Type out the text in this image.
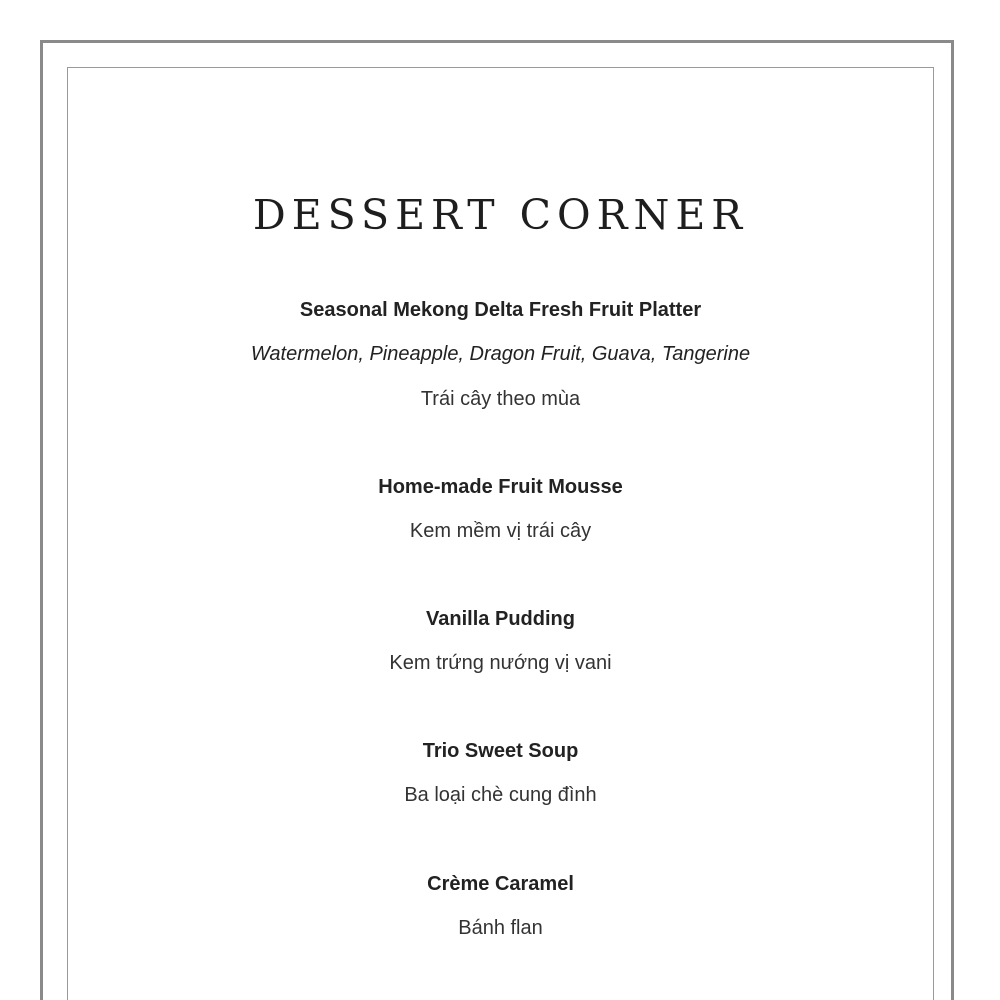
DESSERT CORNER

Seasonal Mekong Delta Fresh Fruit Platter

Watermelon, Pineapple, Dragon Fruit, Guava, Tangerine

Trái cây theo mùa

Home-made Fruit Mousse

Kem mềm vị trái cây

Vanilla Pudding

Kem trứng nướng vị vani

Trio Sweet Soup

Ba loại chè cung đình

Crème Caramel

Bánh flan
